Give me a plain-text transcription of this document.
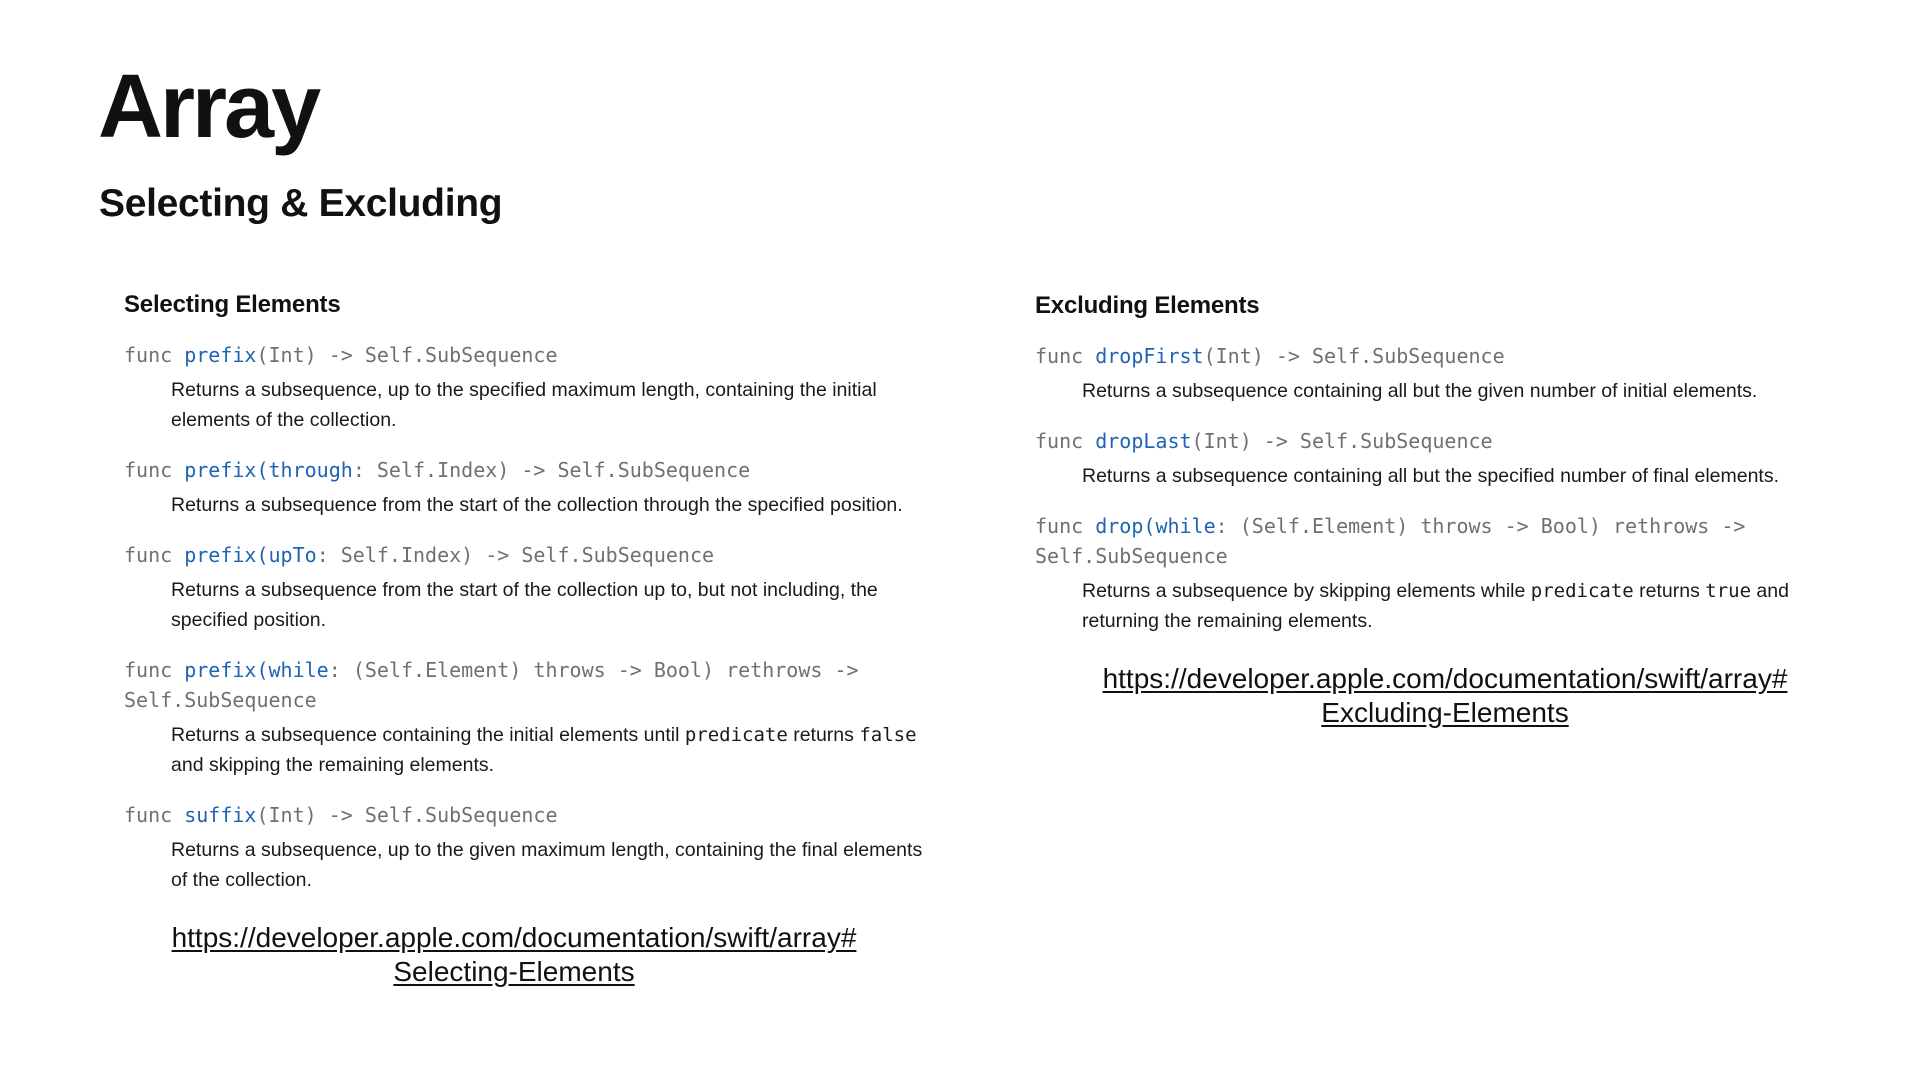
Array
Selecting & Excluding
Selecting Elements
func prefix(Int) -> Self.SubSequence
Returns a subsequence, up to the specified maximum length, containing the initial elements of the collection.
func prefix(through: Self.Index) -> Self.SubSequence
Returns a subsequence from the start of the collection through the specified position.
func prefix(upTo: Self.Index) -> Self.SubSequence
Returns a subsequence from the start of the collection up to, but not including, the specified position.
func prefix(while: (Self.Element) throws -> Bool) rethrows -> Self.SubSequence
Returns a subsequence containing the initial elements until predicate returns false and skipping the remaining elements.
func suffix(Int) -> Self.SubSequence
Returns a subsequence, up to the given maximum length, containing the final elements of the collection.
https://developer.apple.com/documentation/swift/array#
Selecting-Elements
Excluding Elements
func dropFirst(Int) -> Self.SubSequence
Returns a subsequence containing all but the given number of initial elements.
func dropLast(Int) -> Self.SubSequence
Returns a subsequence containing all but the specified number of final elements.
func drop(while: (Self.Element) throws -> Bool) rethrows -> Self.SubSequence
Returns a subsequence by skipping elements while predicate returns true and returning the remaining elements.
https://developer.apple.com/documentation/swift/array#
Excluding-Elements
